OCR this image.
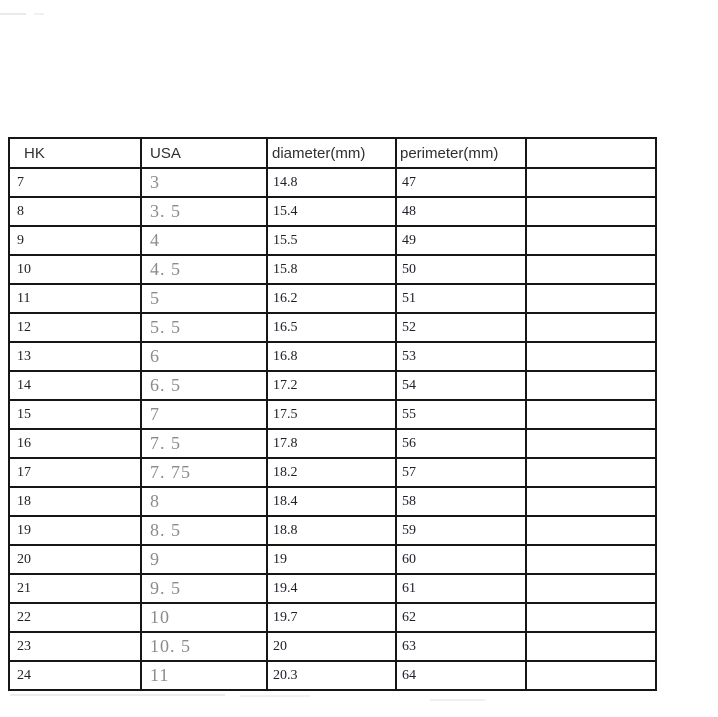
HK	USA	diameter(mm)	perimeter(mm)	
7	3	14.8	47	
8	3. 5	15.4	48	
9	4	15.5	49	
10	4. 5	15.8	50	
11	5	16.2	51	
12	5. 5	16.5	52	
13	6	16.8	53	
14	6. 5	17.2	54	
15	7	17.5	55	
16	7. 5	17.8	56	
17	7. 75	18.2	57	
18	8	18.4	58	
19	8. 5	18.8	59	
20	9	19	60	
21	9. 5	19.4	61	
22	10	19.7	62	
23	10. 5	20	63	
24	11	20.3	64	
